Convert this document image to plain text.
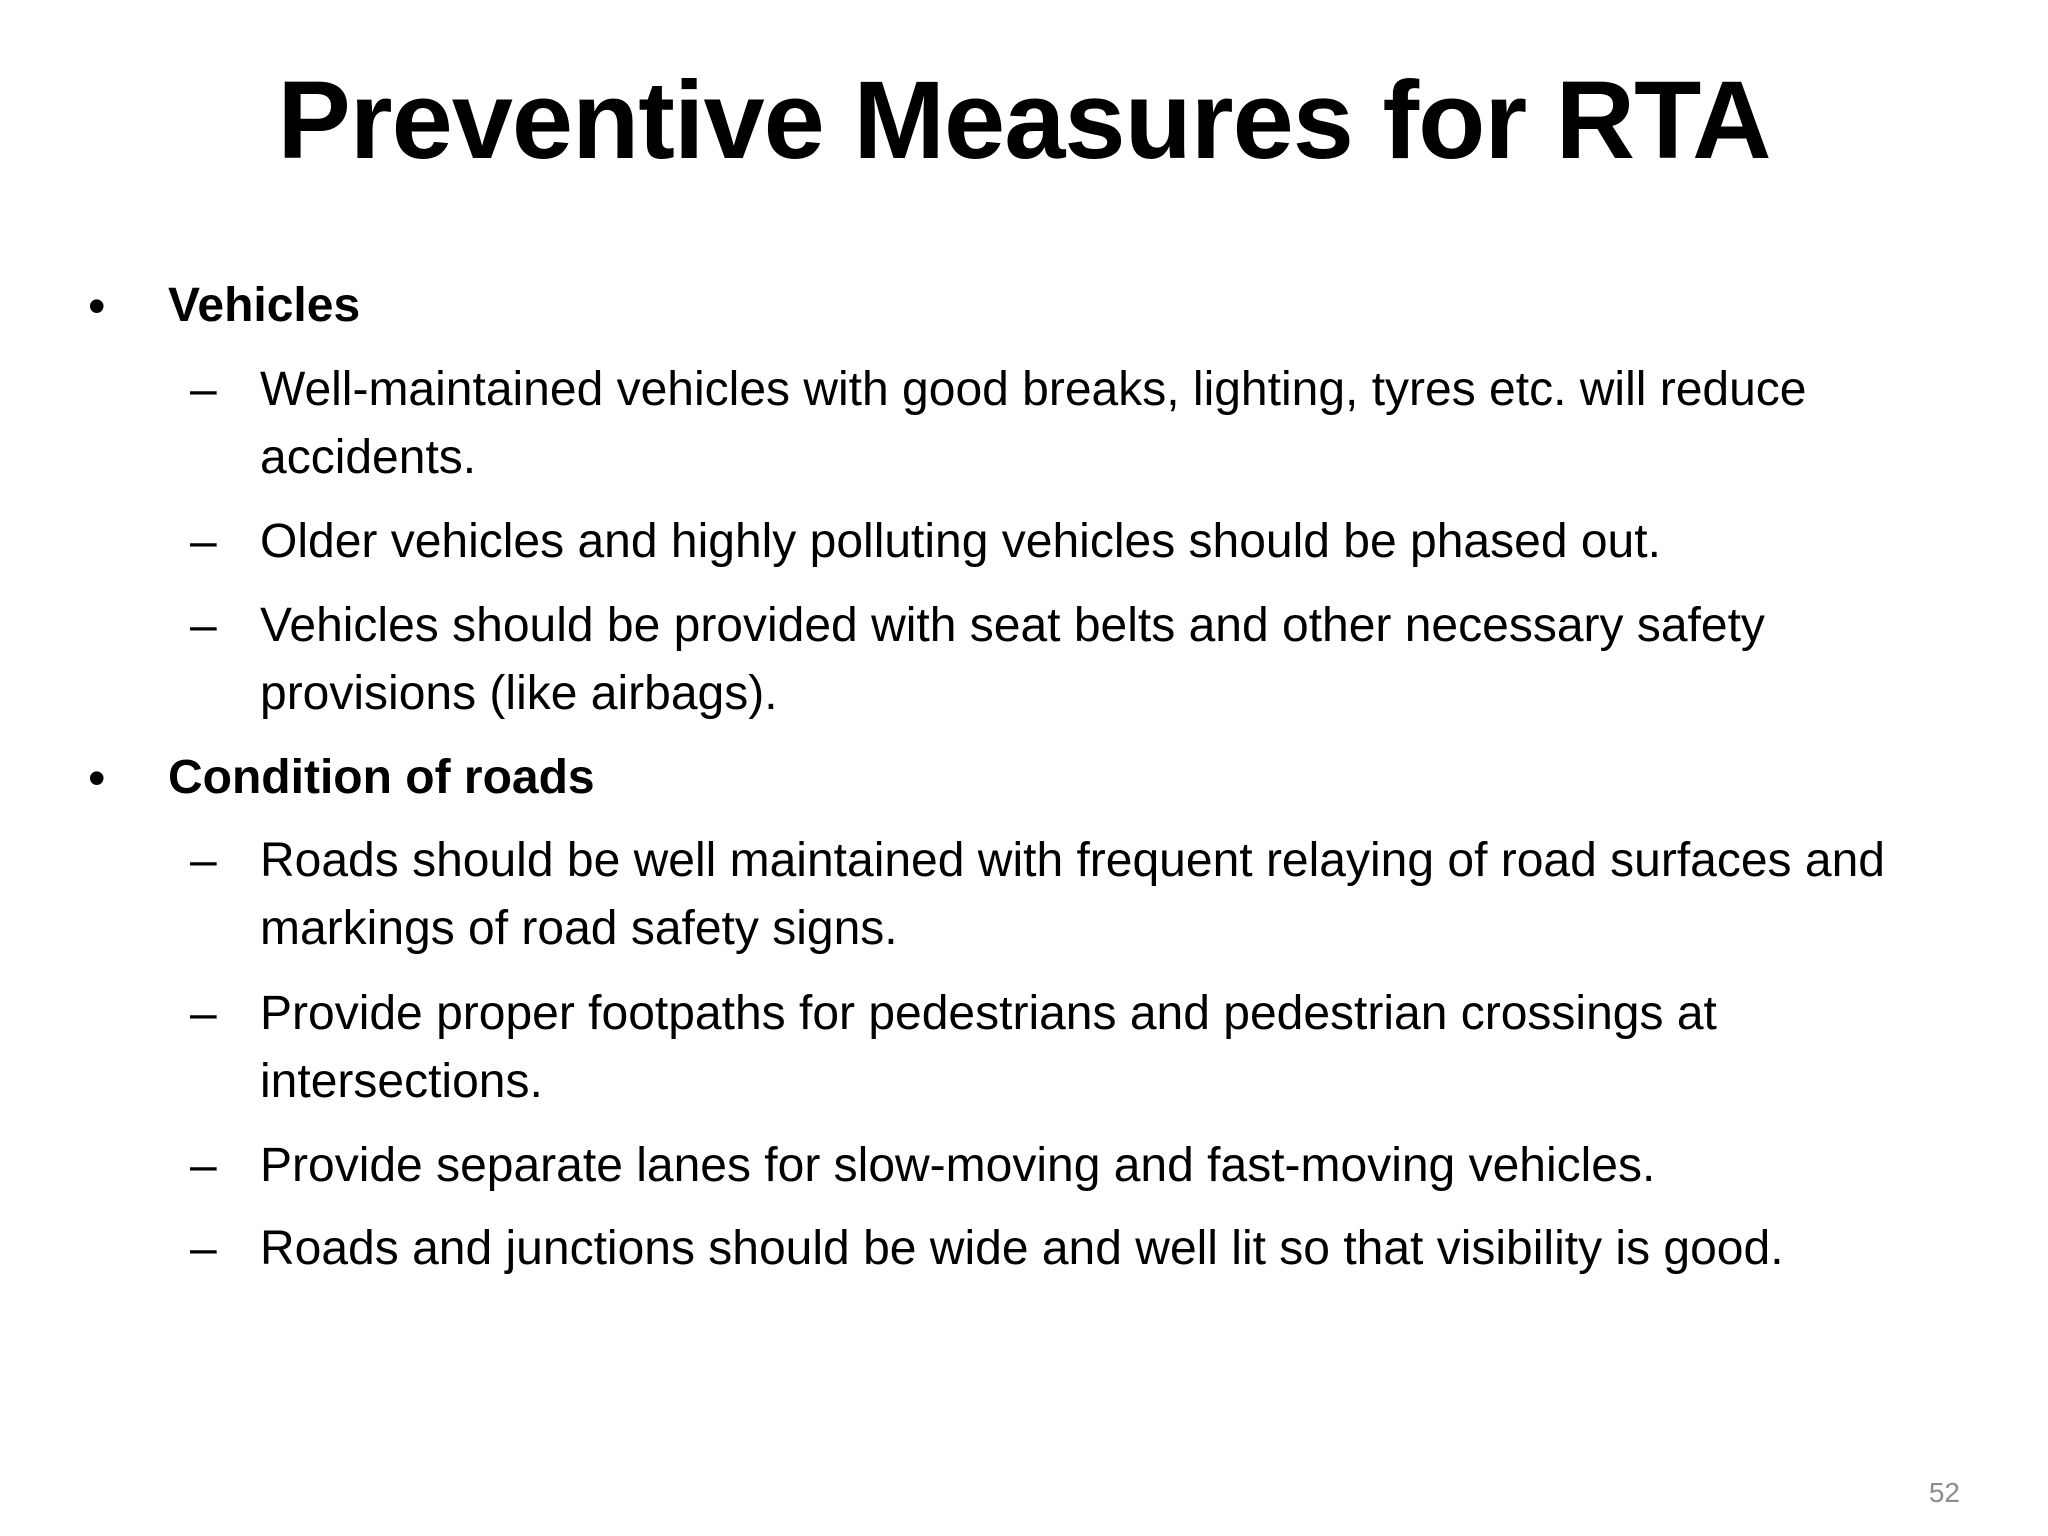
Preventive Measures for RTA
• Vehicles
– Well-maintained vehicles with good breaks, lighting, tyres etc. will reduce accidents.
– Older vehicles and highly polluting vehicles should be phased out.
– Vehicles should be provided with seat belts and other necessary safety provisions (like airbags).
• Condition of roads
– Roads should be well maintained with frequent relaying of road surfaces and markings of road safety signs.
– Provide proper footpaths for pedestrians and pedestrian crossings at intersections.
– Provide separate lanes for slow-moving and fast-moving vehicles.
– Roads and junctions should be wide and well lit so that visibility is good.
52
